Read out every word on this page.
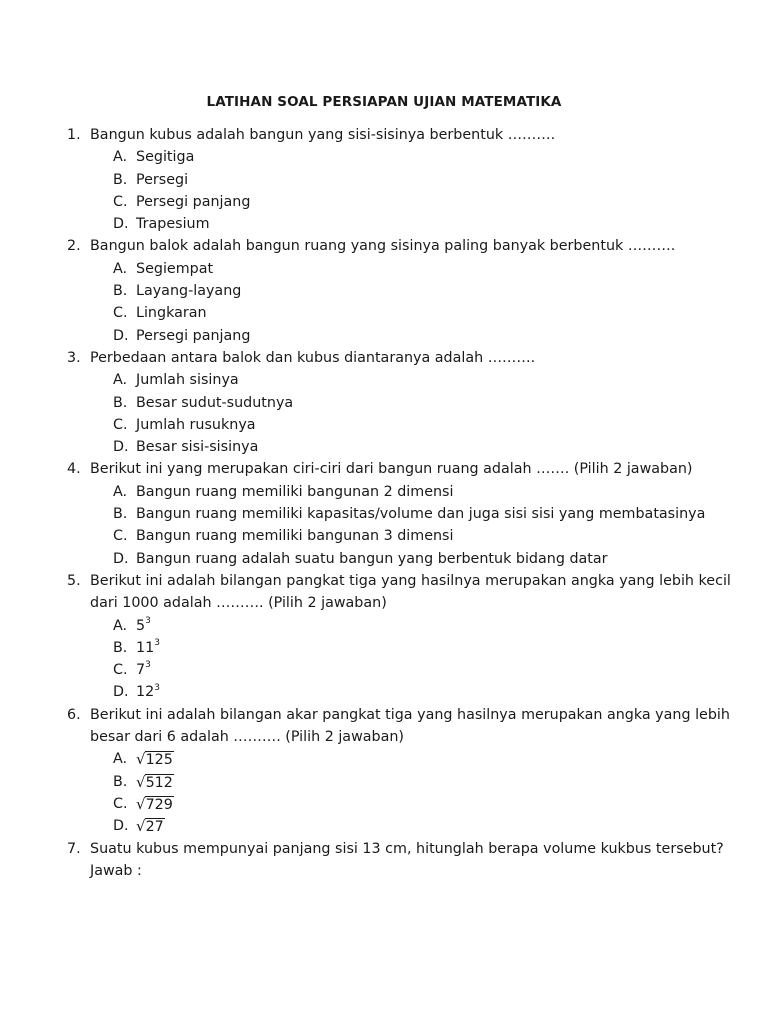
LATIHAN SOAL PERSIAPAN UJIAN MATEMATIKA
1. Bangun kubus adalah bangun yang sisi-sisinya berbentuk ……….
A. Segitiga
B. Persegi
C. Persegi panjang
D. Trapesium
2. Bangun balok adalah bangun ruang yang sisinya paling banyak berbentuk ……….
A. Segiempat
B. Layang-layang
C. Lingkaran
D. Persegi panjang
3. Perbedaan antara balok dan kubus diantaranya adalah ……….
A. Jumlah sisinya
B. Besar sudut-sudutnya
C. Jumlah rusuknya
D. Besar sisi-sisinya
4. Berikut ini yang merupakan ciri-ciri dari bangun ruang adalah ……. (Pilih 2 jawaban)
A. Bangun ruang memiliki bangunan 2 dimensi
B. Bangun ruang memiliki kapasitas/volume dan juga sisi sisi yang membatasinya
C. Bangun ruang memiliki bangunan 3 dimensi
D. Bangun ruang adalah suatu bangun yang berbentuk bidang datar
5. Berikut ini adalah bilangan pangkat tiga yang hasilnya merupakan angka yang lebih kecil
dari 1000 adalah ………. (Pilih 2 jawaban)
A. $5^3$
B. $11^3$
C. $7^3$
D. $12^3$
6. Berikut ini adalah bilangan akar pangkat tiga yang hasilnya merupakan angka yang lebih
besar dari 6 adalah ………. (Pilih 2 jawaban)
A. √125
B. √512
C. √729
D. √27
7. Suatu kubus mempunyai panjang sisi 13 cm, hitunglah berapa volume kukbus tersebut?
Jawab :
